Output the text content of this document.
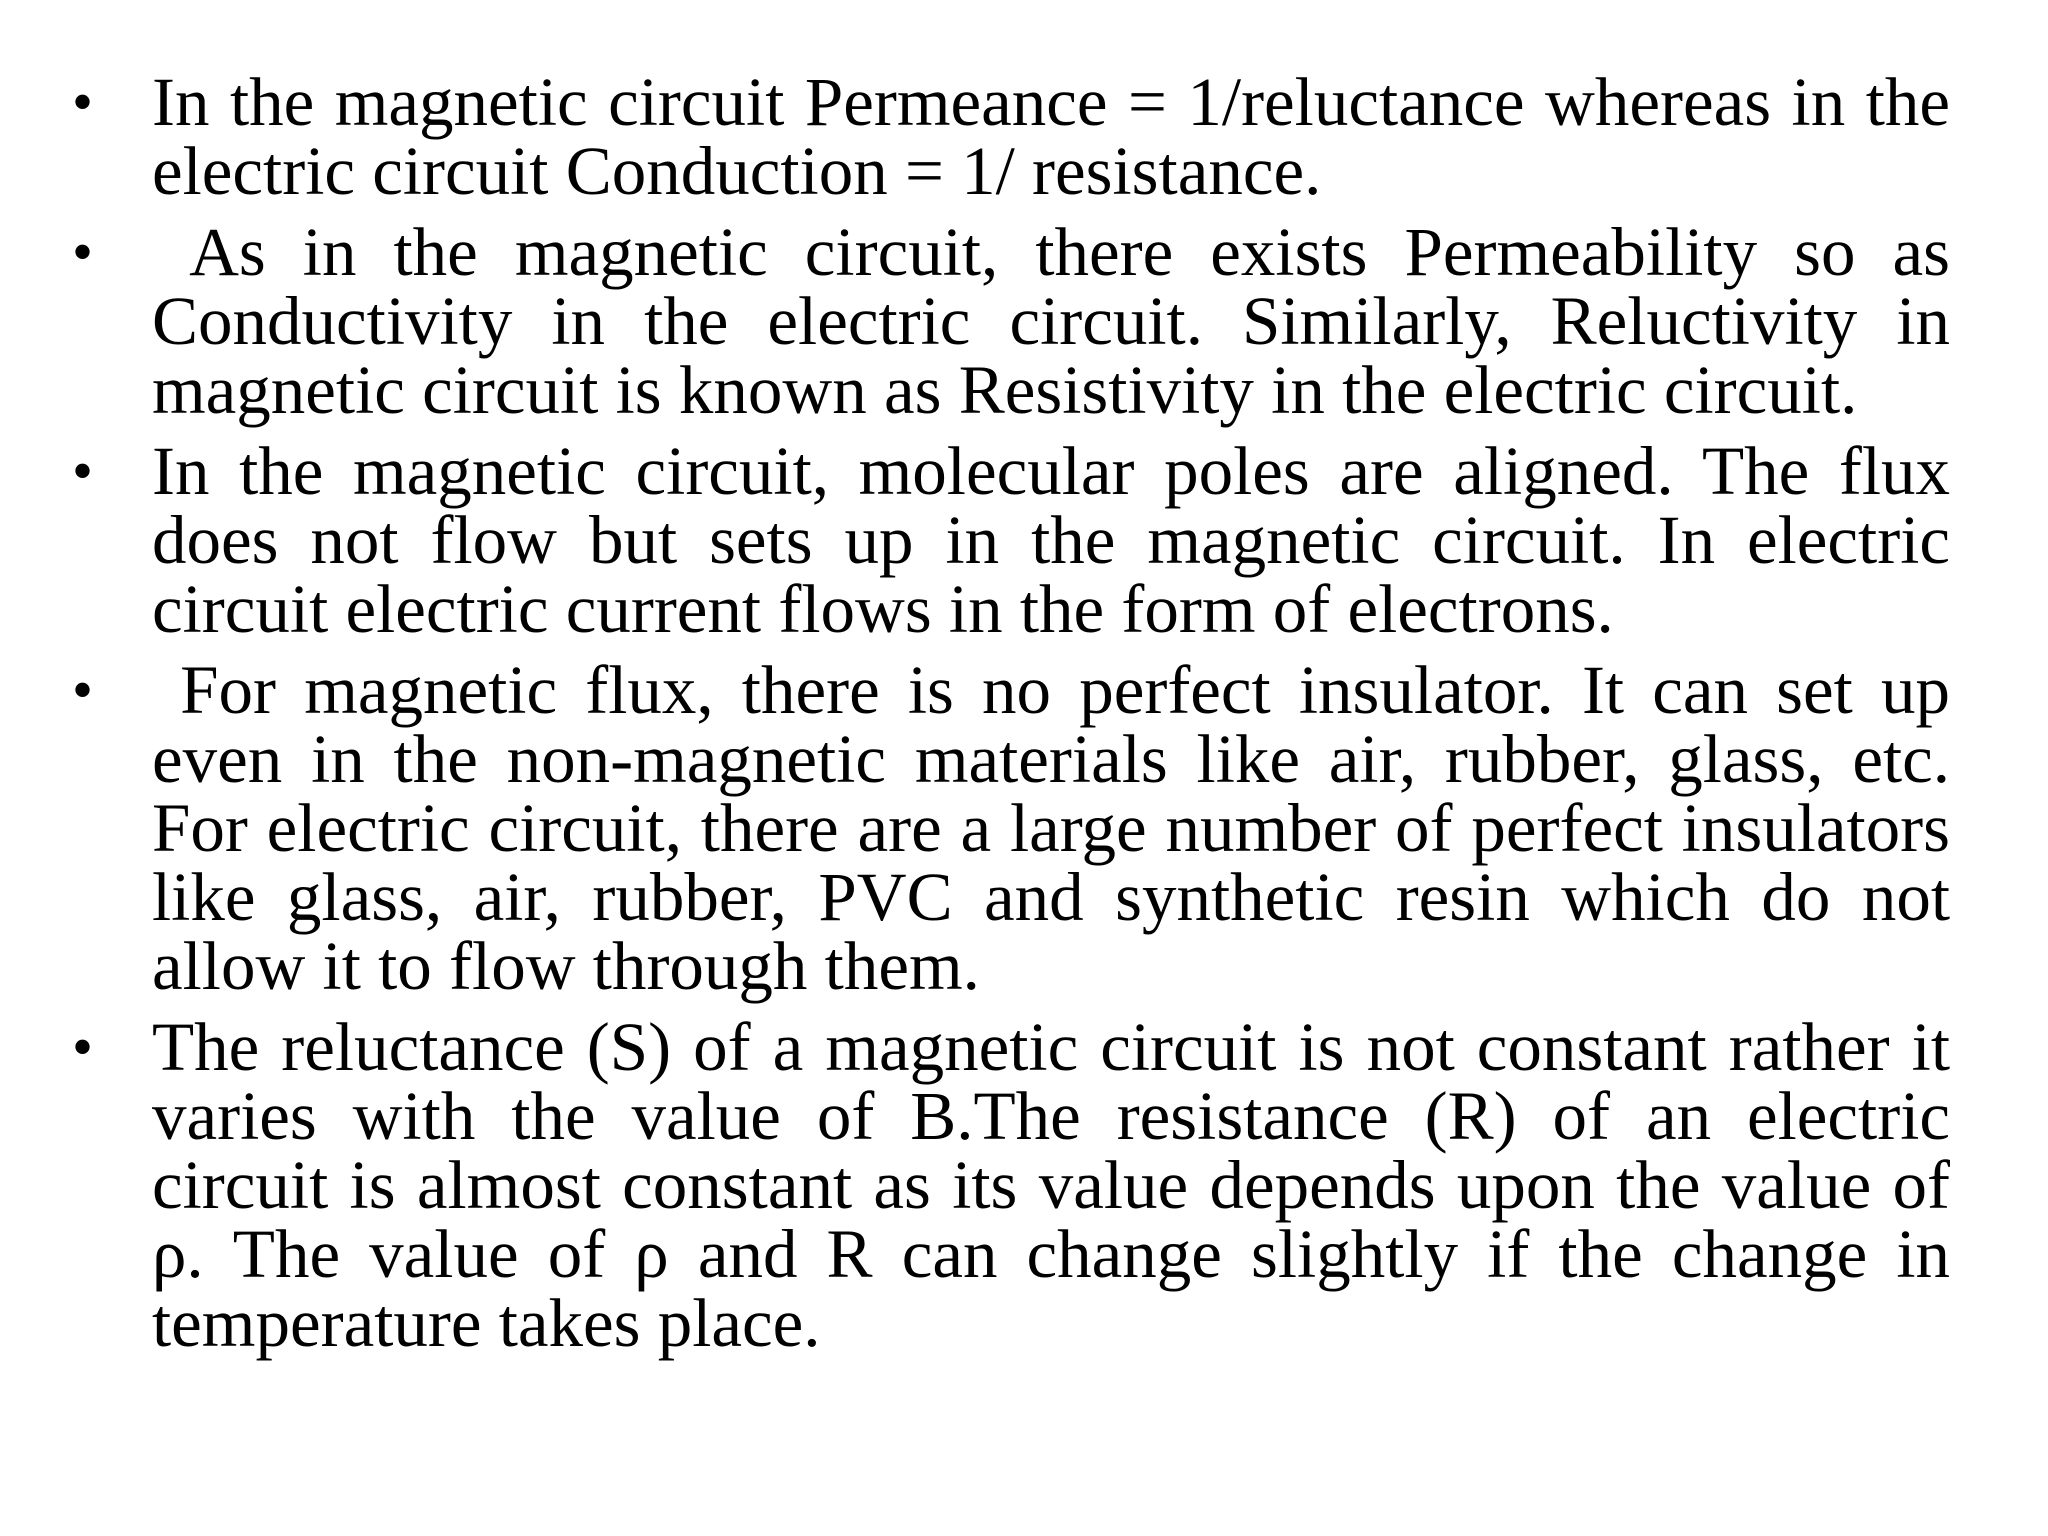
• In the magnetic circuit Permeance = 1/reluctance whereas in the electric circuit Conduction = 1/ resistance.
• As in the magnetic circuit, there exists Permeability so as Conductivity in the electric circuit. Similarly, Reluctivity in magnetic circuit is known as Resistivity in the electric circuit.
• In the magnetic circuit, molecular poles are aligned. The flux does not flow but sets up in the magnetic circuit. In electric circuit electric current flows in the form of electrons.
• For magnetic flux, there is no perfect insulator. It can set up even in the non-magnetic materials like air, rubber, glass, etc. For electric circuit, there are a large number of perfect insulators like glass, air, rubber, PVC and synthetic resin which do not allow it to flow through them.
• The reluctance (S) of a magnetic circuit is not constant rather it varies with the value of B.The resistance (R) of an electric circuit is almost constant as its value depends upon the value of ρ. The value of ρ and R can change slightly if the change in temperature takes place.
